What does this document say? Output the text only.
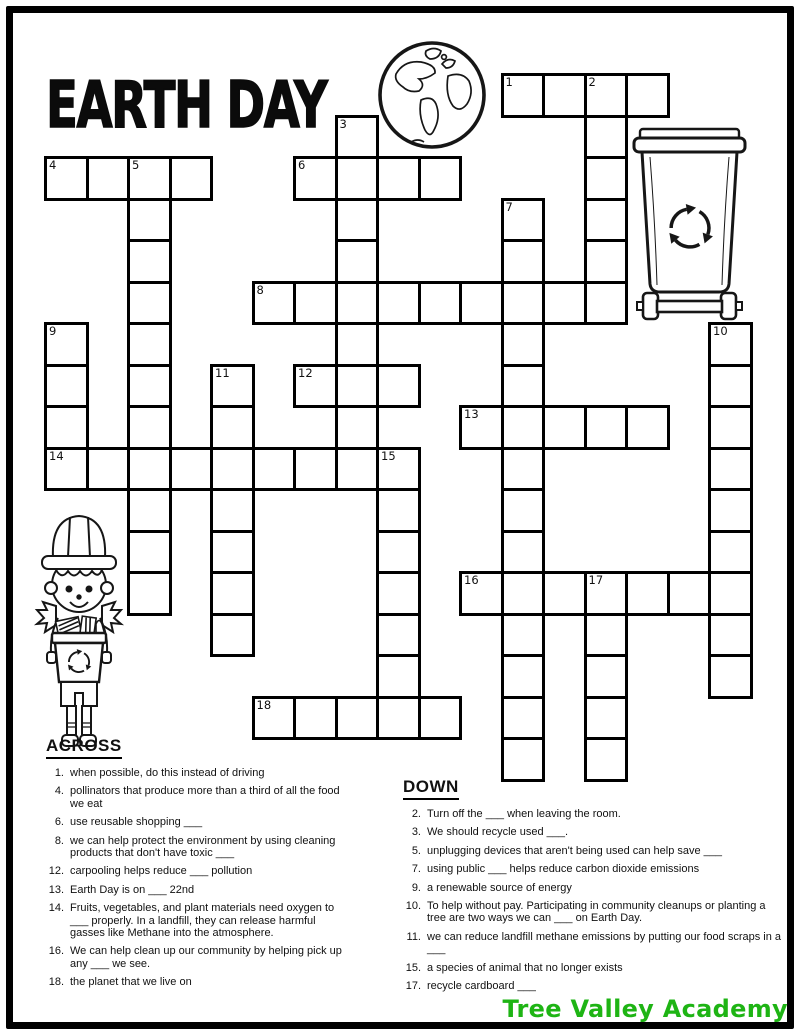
EARTH DAY	1	2
3
4	5	6
7
8
9
14
10
11	12
13
15
16	17
18
ACROSS
1. when possible, do this instead of driving
4. pollinators that produce more than a third of all the food we eat
6. use reusable shopping ___
8. we can help protect the environment by using cleaning products that don't have toxic ___
12. carpooling helps reduce ___ pollution
13. Earth Day is on ___ 22nd
14. Fruits, vegetables, and plant materials need oxygen to ___ properly. In a landfill, they can release harmful gasses like Methane into the atmosphere.
16. We can help clean up our community by helping pick up any ___ we see.
18. the planet that we live on
DOWN
2. Turn off the ___ when leaving the room.
3. We should recycle used ___.
5. unplugging devices that aren't being used can help save ___
7. using public ___ helps reduce carbon dioxide emissions
9. a renewable source of energy
10. To help without pay. Participating in community cleanups or planting a tree are two ways we can ___ on Earth Day.
11. we can reduce landfill methane emissions by putting our food scraps in a ___
15. a species of animal that no longer exists
17. recycle cardboard ___
Tree Valley Academy
